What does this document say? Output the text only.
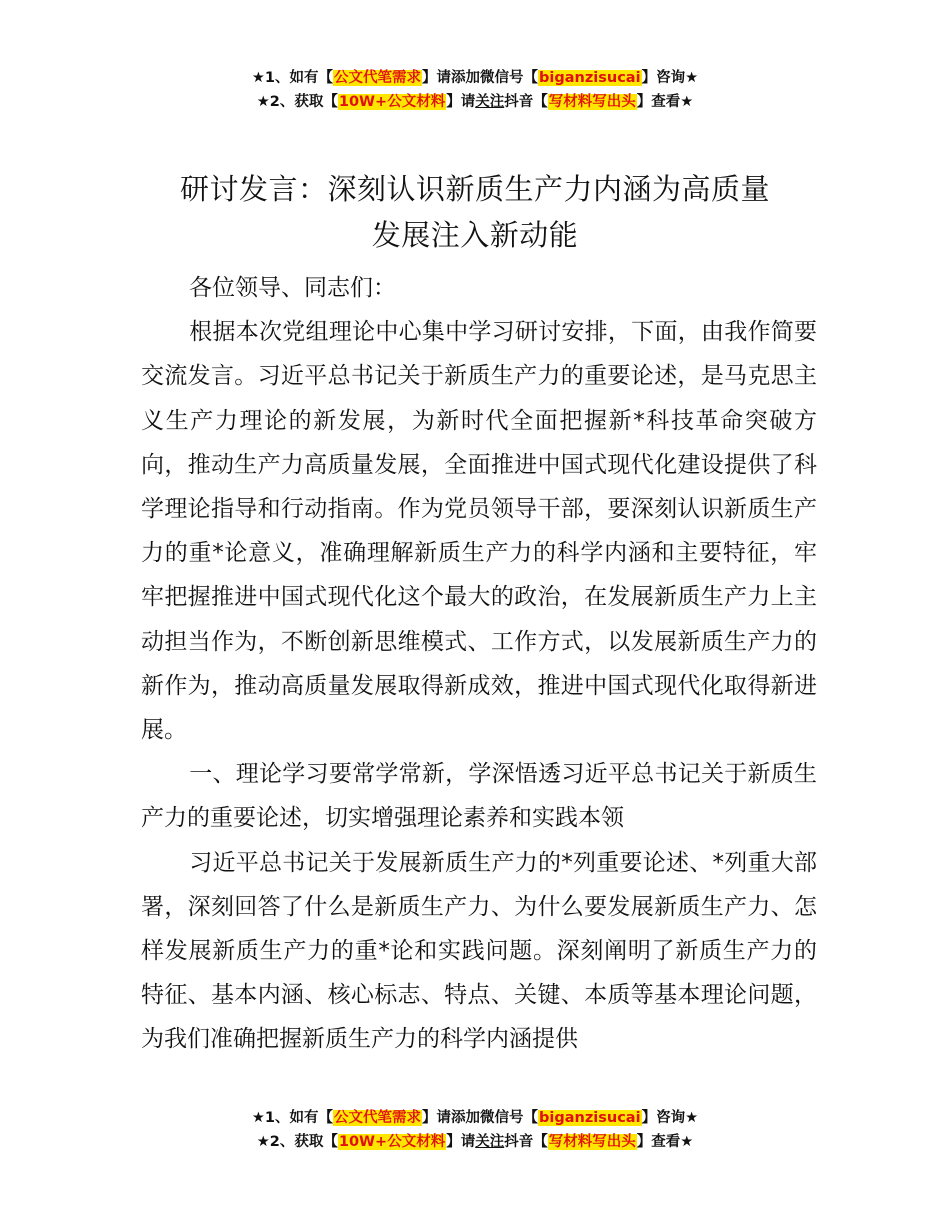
★1、如有【公文代笔需求】请添加微信号【biganzisucai】咨询★
★2、获取【10W+公文材料】请关注抖音【写材料写出头】查看★
研讨发言：深刻认识新质生产力内涵为高质量
发展注入新动能

各位领导、同志们：

根据本次党组理论中心集中学习研讨安排，下面，由我作简要交流发言。习近平总书记关于新质生产力的重要论述，是马克思主义生产力理论的新发展，为新时代全面把握新*科技革命突破方向，推动生产力高质量发展，全面推进中国式现代化建设提供了科学理论指导和行动指南。作为党员领导干部，要深刻认识新质生产力的重*论意义，准确理解新质生产力的科学内涵和主要特征，牢牢把握推进中国式现代化这个最大的政治，在发展新质生产力上主动担当作为，不断创新思维模式、工作方式，以发展新质生产力的新作为，推动高质量发展取得新成效，推进中国式现代化取得新进展。

一、理论学习要常学常新，学深悟透习近平总书记关于新质生产力的重要论述，切实增强理论素养和实践本领

习近平总书记关于发展新质生产力的*列重要论述、*列重大部署，深刻回答了什么是新质生产力、为什么要发展新质生产力、怎样发展新质生产力的重*论和实践问题。深刻阐明了新质生产力的特征、基本内涵、核心标志、特点、关键、本质等基本理论问题，为我们准确把握新质生产力的科学内涵提供

★1、如有【公文代笔需求】请添加微信号【biganzisucai】咨询★
★2、获取【10W+公文材料】请关注抖音【写材料写出头】查看★
